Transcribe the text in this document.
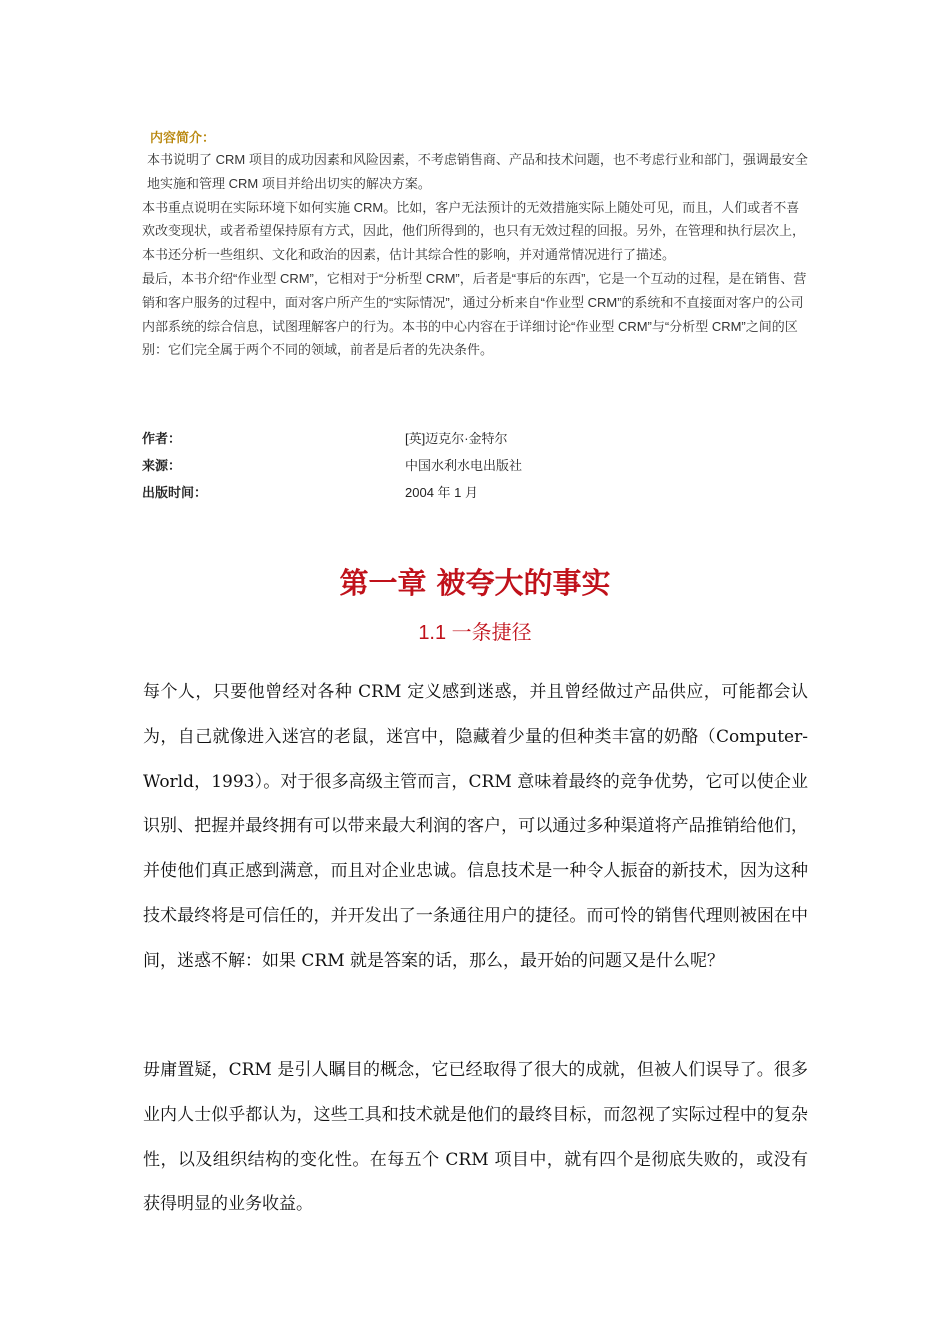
内容简介：

本书说明了 CRM 项目的成功因素和风险因素，不考虑销售商、产品和技术问题，也不考虑行业和部门，强调最安全地实施和管理 CRM 项目并给出切实的解决方案。

本书重点说明在实际环境下如何实施 CRM。比如，客户无法预计的无效措施实际上随处可见，而且，人们或者不喜欢改变现状，或者希望保持原有方式，因此，他们所得到的，也只有无效过程的回报。另外，在管理和执行层次上，本书还分析一些组织、文化和政治的因素，估计其综合性的影响，并对通常情况进行了描述。

最后，本书介绍“作业型 CRM”，它相对于“分析型 CRM”，后者是“事后的东西”，它是一个互动的过程，是在销售、营销和客户服务的过程中，面对客户所产生的“实际情况”，通过分析来自“作业型 CRM”的系统和不直接面对客户的公司内部系统的综合信息，试图理解客户的行为。本书的中心内容在于详细讨论“作业型 CRM”与“分析型 CRM”之间的区别：它们完全属于两个不同的领域，前者是后者的先决条件。

作者：	[英]迈克尔·金特尔
来源：	中国水利水电出版社
出版时间：	2004 年 1 月
第一章 被夸大的事实
1.1 一条捷径

每个人，只要他曾经对各种 CRM 定义感到迷惑，并且曾经做过产品供应，可能都会认为，自己就像进入迷宫的老鼠，迷宫中，隐藏着少量的但种类丰富的奶酪（Computer-World，1993）。对于很多高级主管而言，CRM 意味着最终的竞争优势，它可以使企业识别、把握并最终拥有可以带来最大利润的客户，可以通过多种渠道将产品推销给他们，并使他们真正感到满意，而且对企业忠诚。信息技术是一种令人振奋的新技术，因为这种技术最终将是可信任的，并开发出了一条通往用户的捷径。而可怜的销售代理则被困在中间，迷惑不解：如果 CRM 就是答案的话，那么，最开始的问题又是什么呢？

毋庸置疑，CRM 是引人瞩目的概念，它已经取得了很大的成就，但被人们误导了。很多业内人士似乎都认为，这些工具和技术就是他们的最终目标，而忽视了实际过程中的复杂性，以及组织结构的变化性。在每五个 CRM 项目中，就有四个是彻底失败的，或没有获得明显的业务收益。
